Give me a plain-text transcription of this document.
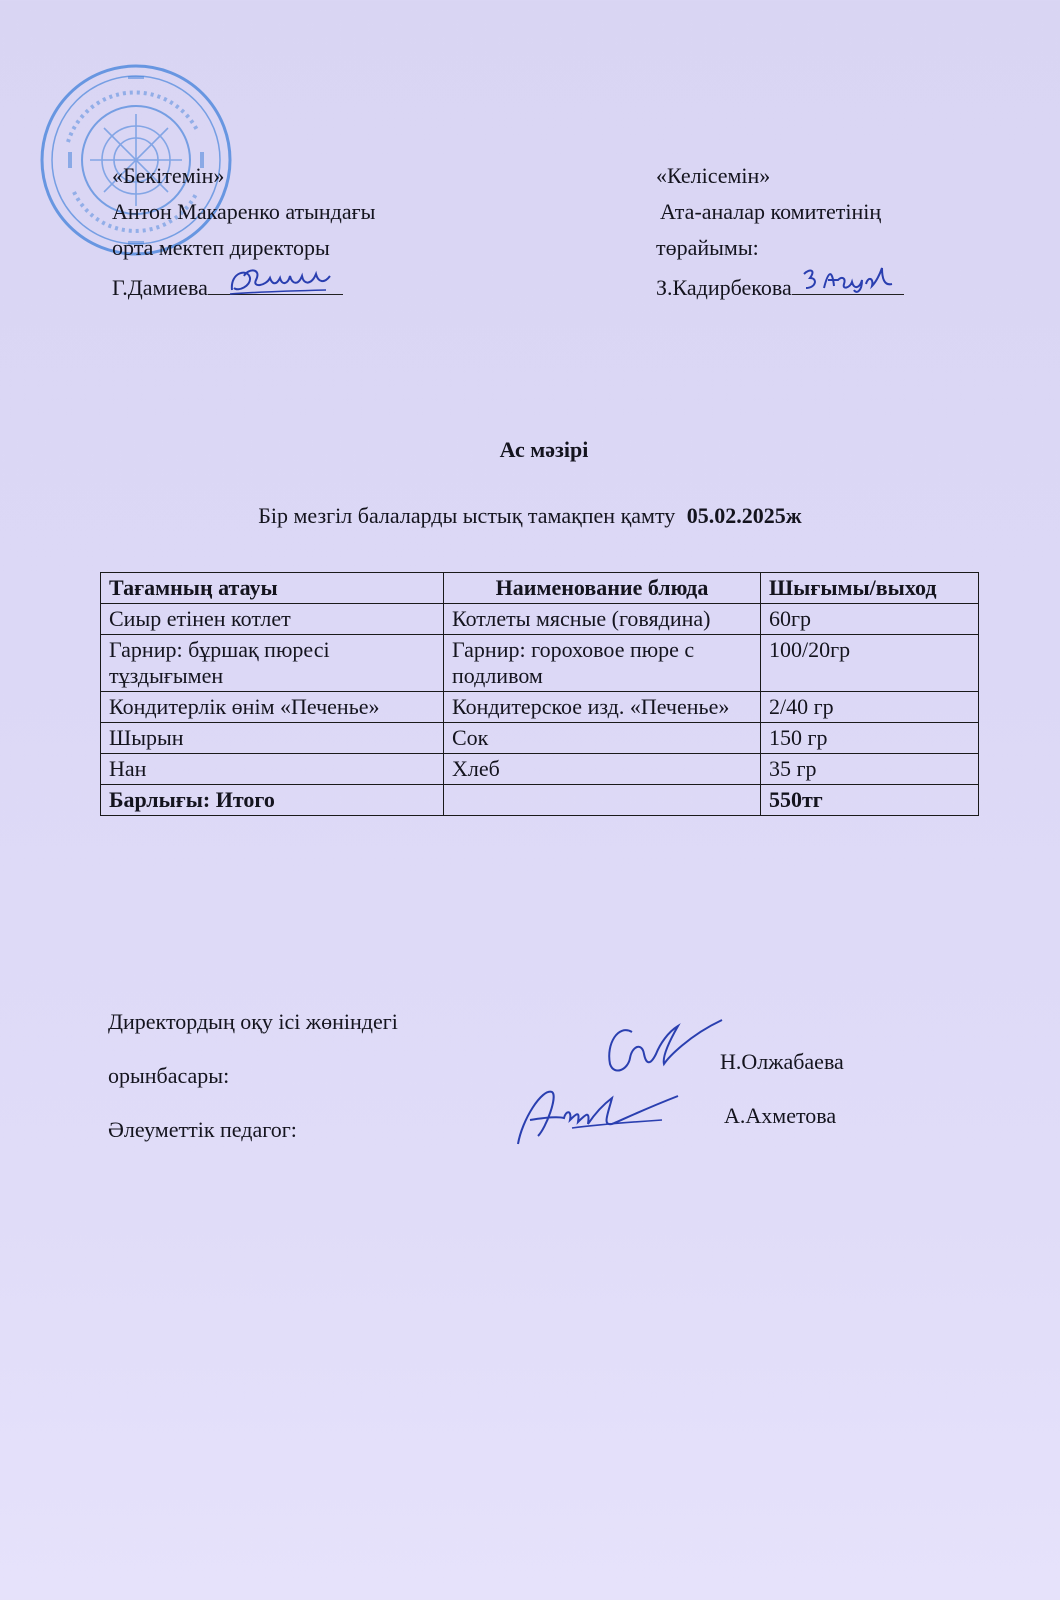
«Бекітемін»
Антон Макаренко атындағы
орта мектеп директоры
Г.Дамиева
«Келісемін»
Ата-аналар комитетінің
төрайымы:
З.Кадирбекова
Ас мәзірі
Бір мезгіл балаларды ыстық тамақпен қамту 05.02.2025ж
Тағамның атауы	Наименование блюда	Шығымы/выход
Сиыр етінен котлет	Котлеты мясные (говядина)	60гр
Гарнир: бұршақ пюресі тұздығымен	Гарнир: гороховое пюре с подливом	100/20гр
Кондитерлік өнім «Печенье»	Кондитерское изд. «Печенье»	2/40 гр
Шырын	Сок	150 гр
Нан	Хлеб	35 гр
Барлығы: Итого		550тг
Директордың оқу ісі жөніндегі
орынбасары:
Әлеуметтік педагог:
Н.Олжабаева
А.Ахметова
